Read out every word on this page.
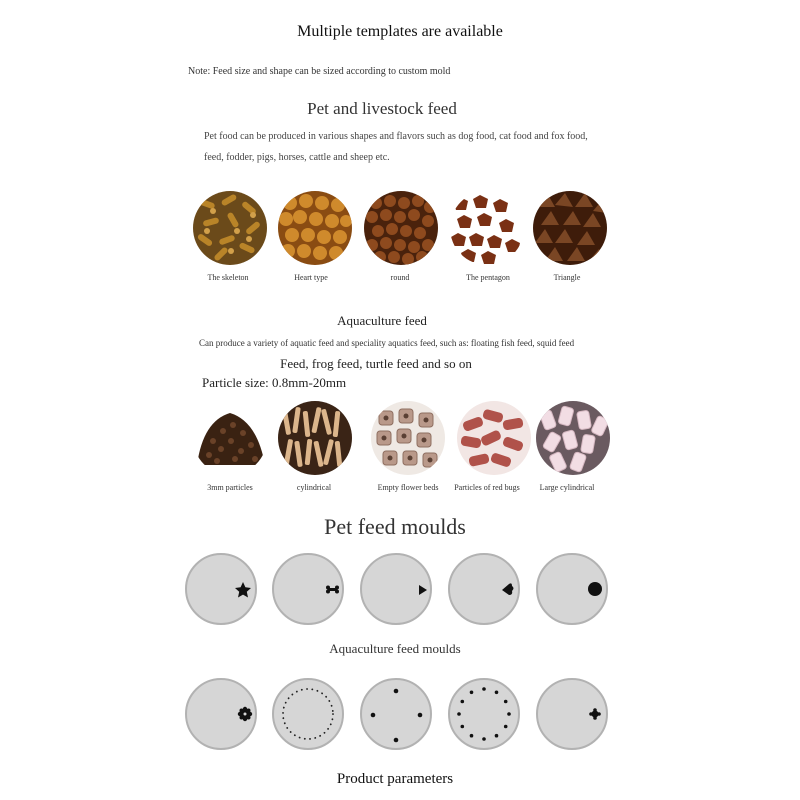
Multiple templates are available
Note: Feed size and shape can be sized according to custom mold
Pet and livestock feed
Pet food can be produced in various shapes and flavors such as dog food, cat food and fox food, feed, fodder, pigs, horses, cattle and sheep etc.
The skeleton	Heart type	round	The pentagon	Triangle
Aquaculture feed
Can produce a variety of aquatic feed and speciality aquatics feed, such as: floating fish feed, squid feed
Feed, frog feed, turtle feed and so on
Particle size: 0.8mm-20mm
3mm particles	cylindrical	Empty flower beds	Particles of red bugs	Large cylindrical
Pet feed moulds
Aquaculture feed moulds
Product parameters
